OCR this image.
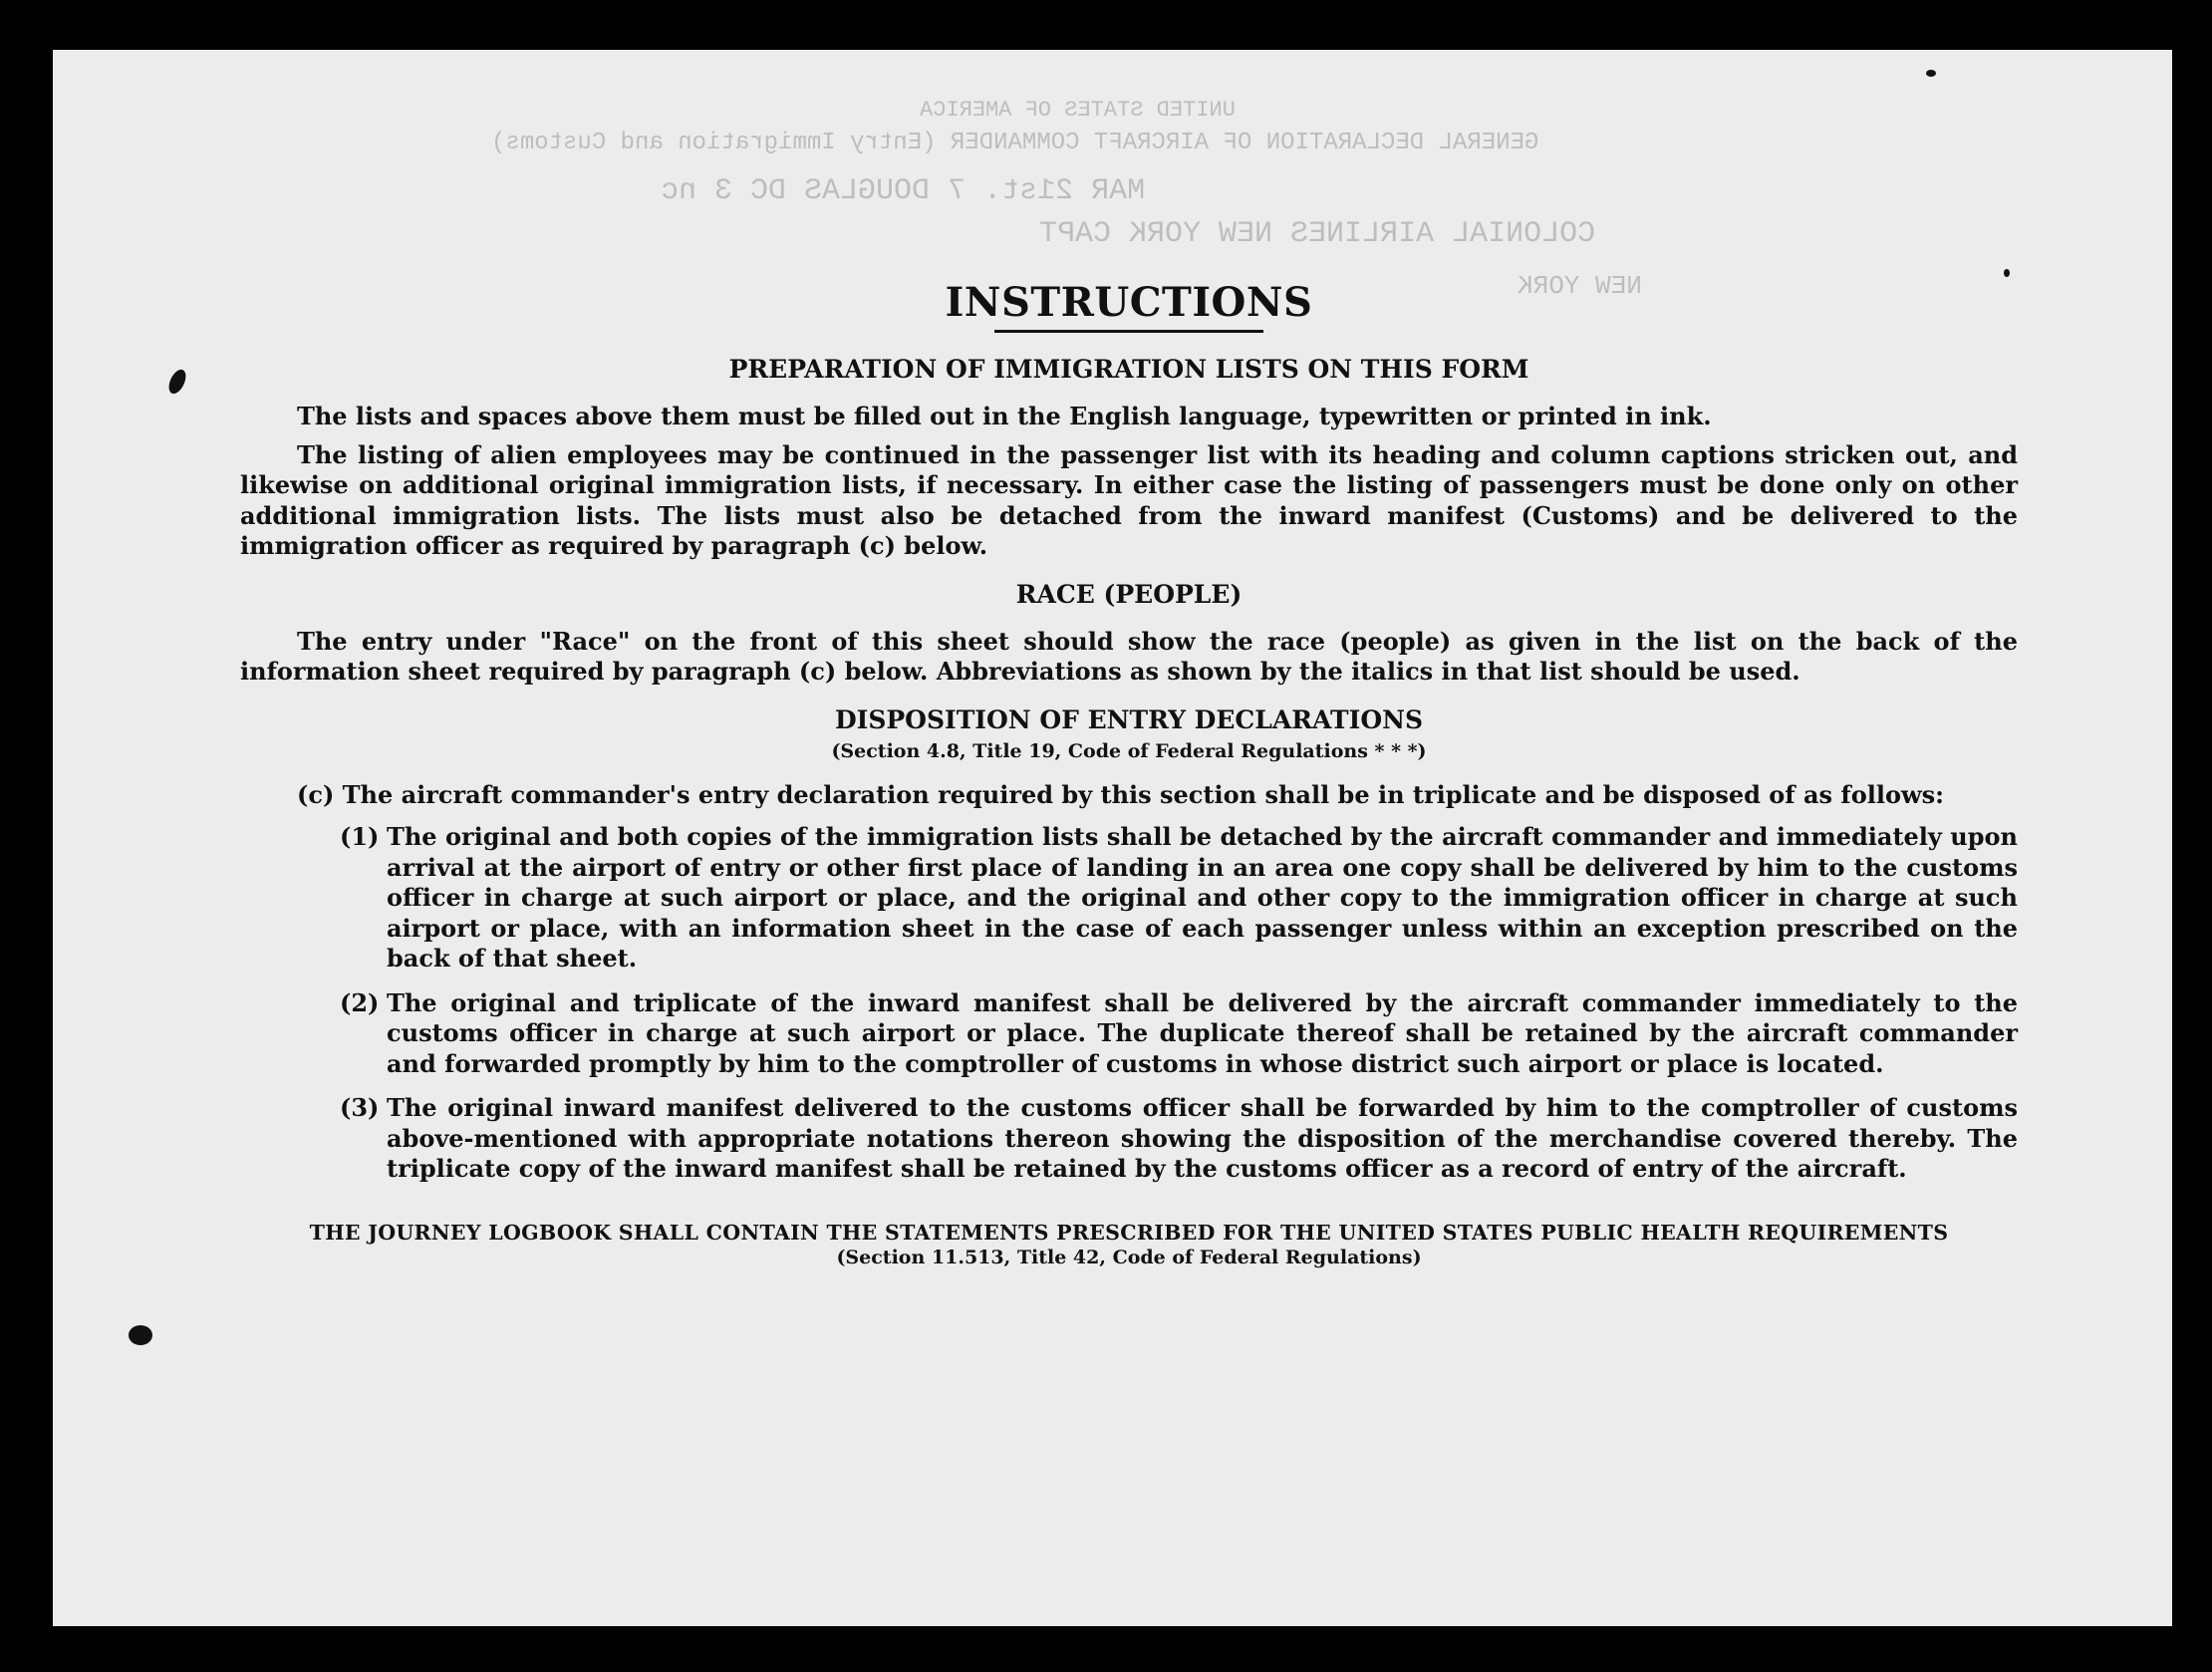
UNITED STATES OF AMERICA
GENERAL DECLARATION OF AIRCRAFT COMMANDER (Entry Immigration and Customs)
MAR 21st. 7 DOUGLAS DC 3 nc
COLONIAL AIRLINES NEW YORK CAPT
NEW YORK
INSTRUCTIONS
PREPARATION OF IMMIGRATION LISTS ON THIS FORM

The lists and spaces above them must be filled out in the English language, typewritten or printed in ink.

The listing of alien employees may be continued in the passenger list with its heading and column captions stricken out, and likewise on additional original immigration lists, if necessary. In either case the listing of passengers must be done only on other additional immigration lists. The lists must also be detached from the inward manifest (Customs) and be delivered to the immigration officer as required by paragraph (c) below.

RACE (PEOPLE)

The entry under "Race" on the front of this sheet should show the race (people) as given in the list on the back of the information sheet required by paragraph (c) below. Abbreviations as shown by the italics in that list should be used.

DISPOSITION OF ENTRY DECLARATIONS
(Section 4.8, Title 19, Code of Federal Regulations * * *)
(c) The aircraft commander's entry declaration required by this section shall be in triplicate and be disposed of as follows:
(1) The original and both copies of the immigration lists shall be detached by the aircraft commander and immediately upon arrival at the airport of entry or other first place of landing in an area one copy shall be delivered by him to the customs officer in charge at such airport or place, and the original and other copy to the immigration officer in charge at such airport or place, with an information sheet in the case of each passenger unless within an exception prescribed on the back of that sheet.
(2) The original and triplicate of the inward manifest shall be delivered by the aircraft commander immediately to the customs officer in charge at such airport or place. The duplicate thereof shall be retained by the aircraft commander and forwarded promptly by him to the comptroller of customs in whose district such airport or place is located.
(3) The original inward manifest delivered to the customs officer shall be forwarded by him to the comptroller of customs above-mentioned with appropriate notations thereon showing the disposition of the merchandise covered thereby. The triplicate copy of the inward manifest shall be retained by the customs officer as a record of entry of the aircraft.
THE JOURNEY LOGBOOK SHALL CONTAIN THE STATEMENTS PRESCRIBED FOR THE UNITED STATES PUBLIC HEALTH REQUIREMENTS
(Section 11.513, Title 42, Code of Federal Regulations)
